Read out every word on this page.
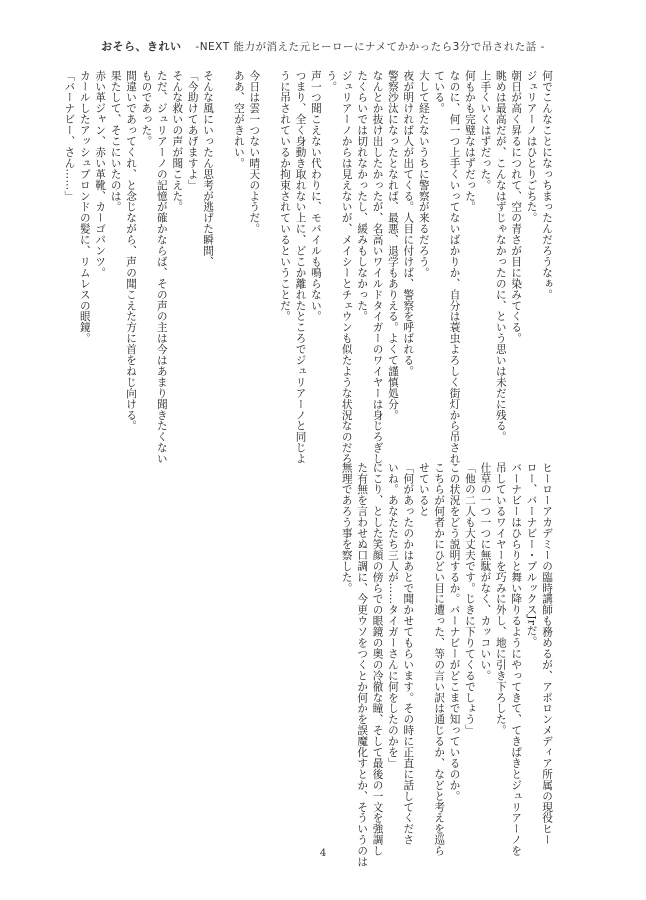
おそら、きれい -NEXT 能力が消えた元ヒーローにナメてかかったら3分で吊された話 -

何でこんなことになっちまったんだろうなぁ。

ジュリアーノはひとりごちた。

朝日が高く昇るにつれて、空の青さが目に染みてくる。

眺めは最高だが、こんなはずじゃなかったのに、という思いは未だに残る。

上手くいくはずだった。

何もかも完璧なはずだった。

なのに、何一つ上手くいってないばかりか、自分は蓑虫よろしく街灯から吊され

ている。

大して経たないうちに警察が来るだろう。

夜が明ければ人が出てくる。人目に付けば、警察を呼ばれる。

警察沙汰になったとなれば、最悪、退学もありえる。よくて謹慎処分。

なんとか抜け出したかったが、名高いワイルドタイガーのワイヤーは身じろぎし

たくらいでは切れなかったし、緩みもしなかった。

ジュリアーノからは見えないが、メイシーとチェウンも似たような状況なのだろ

う。

声一つ聞こえない代わりに、モバイルも鳴らない。

つまり、全く身動き取れない上に、どこか離れたところでジュリアーノと同じよ

うに吊されているか拘束されているということだ。

今日は雲一つない晴天のようだ。

ああ、空がきれい。

そんな風にいったん思考が逃げた瞬間、

「今助けてあげますよ」

そんな救いの声が聞こえた。

ただ、ジュリアーノの記憶が確かならば、その声の主は今はあまり聞きたくない

ものであった。

間違いであってくれ、と念じながら、声の聞こえた方に首をねじ向ける。

果たして、そこにいたのは。

赤い革ジャン、赤い革靴、カーゴパンツ。

カールしたアッシュブロンドの髪に、リムレスの眼鏡。

「バーナビー、さん……」

ヒーローアカデミーの臨時講師も務めるが、アポロンメディア所属の現役ヒー

ロー、バーナビー・ブルックスJrだ。

バーナビーはひらりと舞い降りるようにやってきて、てきぱきとジュリアーノを

吊しているワイヤーを巧みに外し、地に引き下ろした。

仕草の一つ一つに無駄がなく、カッコいい。

「他の二人も大丈夫です。じきに下りてくるでしょう」

この状況をどう説明するか。バーナビーがどこまで知っているのか。

こちらが何者かにひどい目に遭った、等の言い訳は通じるか、などと考えを巡ら

せていると

「何があったのかはあとで聞かせてもらいます。その時に正直に話してくださ

いね。あなたたち三人が……タイガーさんに何をしたのかを」

にこり、とした笑顔の傍らでの眼鏡の奥の冷徹な瞳、そして最後の一文を強調し

た有無を言わせぬ口調に、今更ウソをつくとか何かを誤魔化すとか、そういうのは

無理であろう事を察した。

4
